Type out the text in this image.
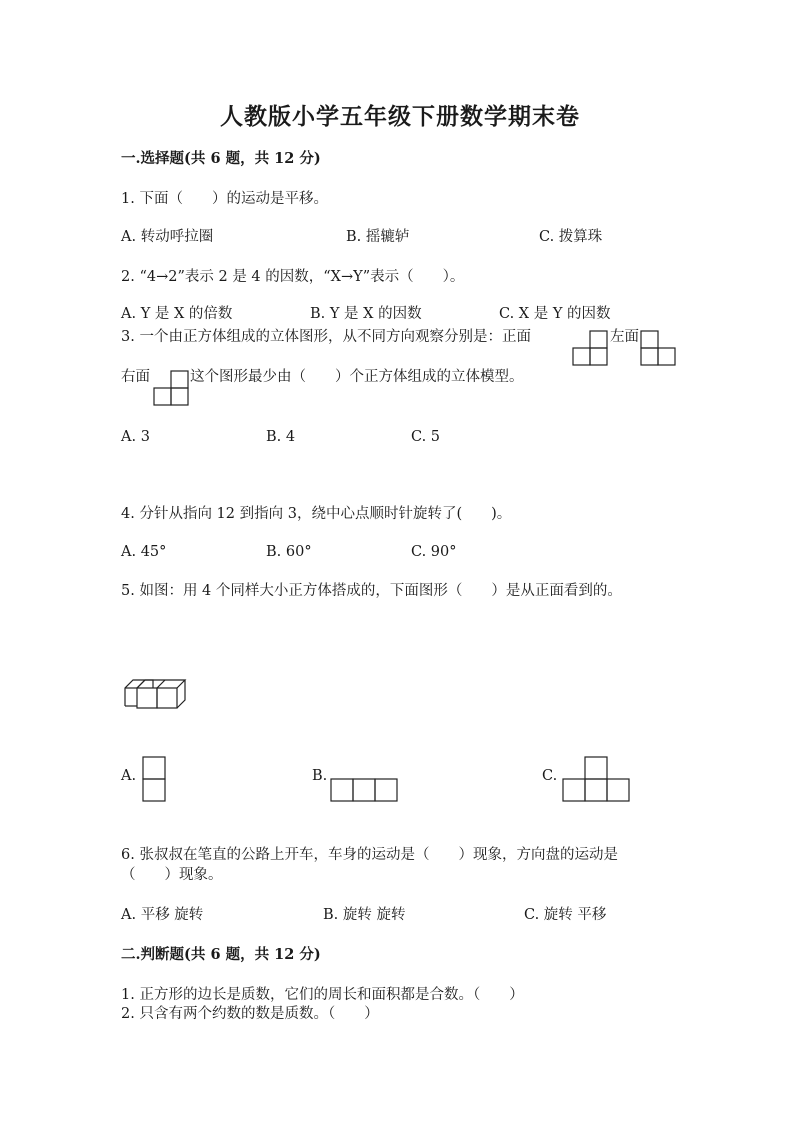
人教版小学五年级下册数学期末卷
一.选择题(共 6 题，共 12 分)
1. 下面（　　）的运动是平移。
A. 转动呼拉圈	B. 摇辘轳	C. 拨算珠
2. “4→2”表示 2 是 4 的因数，“X→Y”表示（　　）。
A. Y 是 X 的倍数	B. Y 是 X 的因数	C. X 是 Y 的因数
3. 一个由正方体组成的立体图形，从不同方向观察分别是：正面	左面
右面	这个图形最少由（　　）个正方体组成的立体模型。
A. 3	B. 4	C. 5
4. 分针从指向 12 到指向 3，绕中心点顺时针旋转了(　　)。
A. 45°	B. 60°	C. 90°
5. 如图：用 4 个同样大小正方体搭成的，下面图形（　　）是从正面看到的。
A.	B.	C.
6. 张叔叔在笔直的公路上开车，车身的运动是（　　）现象，方向盘的运动是
（　　）现象。
A. 平移 旋转	B. 旋转 旋转	C. 旋转 平移
二.判断题(共 6 题，共 12 分)
1. 正方形的边长是质数，它们的周长和面积都是合数。（　　）
2. 只含有两个约数的数是质数。（　　）
